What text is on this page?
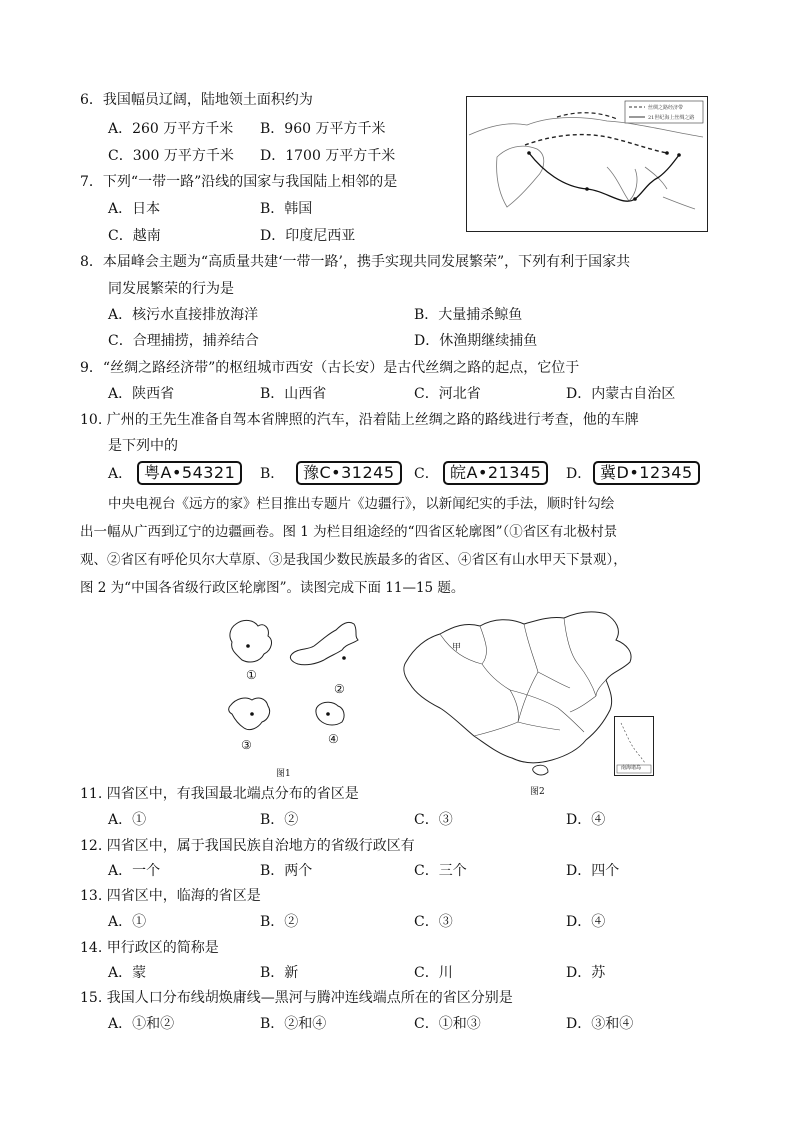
6．我国幅员辽阔，陆地领土面积约为
A．260 万平方千米 B．960 万平方千米
C．300 万平方千米 D．1700 万平方千米
丝绸之路经济带
21世纪海上丝绸之路
7．下列“一带一路”沿线的国家与我国陆上相邻的是
A．日本	B．韩国
C．越南	D．印度尼西亚
8．本届峰会主题为“高质量共建‘一带一路’，携手实现共同发展繁荣”，下列有利于国家共
同发展繁荣的行为是
A．核污水直接排放海洋	B．大量捕杀鲸鱼
C．合理捕捞，捕养结合	D．休渔期继续捕鱼
9．“丝绸之路经济带”的枢纽城市西安（古长安）是古代丝绸之路的起点，它位于
A．陕西省	B．山西省	C．河北省	D．内蒙古自治区
10. 广州的王先生准备自驾本省牌照的汽车，沿着陆上丝绸之路的路线进行考查，他的车牌
是下列中的
A． 粤A•54321	B．	豫C•31245	C． 皖A•21345	D． 冀D•12345
中央电视台《远方的家》栏目推出专题片《边疆行》，以新闻纪实的手法，顺时针勾绘
出一幅从广西到辽宁的边疆画卷。图 1 为栏目组途经的“四省区轮廓图”（①省区有北极村景
观、②省区有呼伦贝尔大草原、③是我国少数民族最多的省区、④省区有山水甲天下景观），
图 2 为“中国各省级行政区轮廓图”。读图完成下面 11—15 题。
①
②
③	④
图1
甲
南海诸岛
图2
11. 四省区中，有我国最北端点分布的省区是
A．①	B．②	C．③	D．④
12. 四省区中，属于我国民族自治地方的省级行政区有
A．一个	B．两个	C．三个	D．四个
13. 四省区中，临海的省区是
A．①	B．②	C．③	D．④
14. 甲行政区的简称是
A．蒙	B．新	C．川	D．苏
15. 我国人口分布线胡焕庸线—黑河与腾冲连线端点所在的省区分别是
A．①和②	B．②和④	C．①和③	D．③和④
